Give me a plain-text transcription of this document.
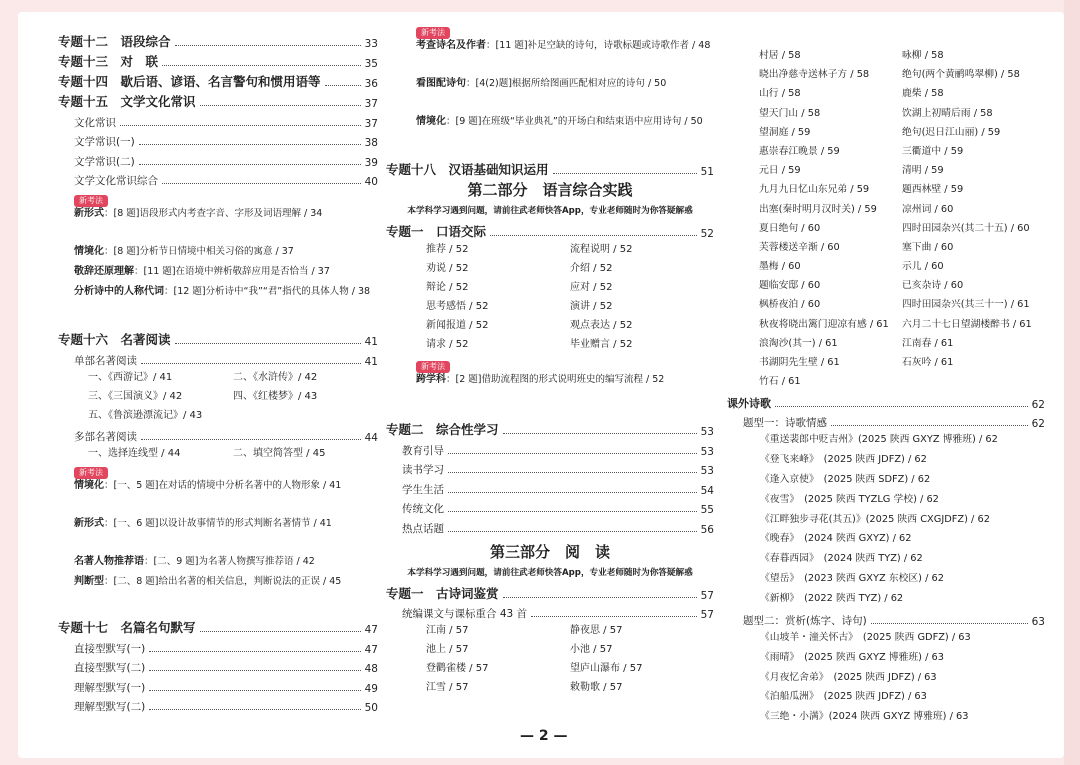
专题十二　语段综合	33
专题十三　对　联	35
专题十四　歇后语、谚语、名言警句和惯用语等	36
专题十五　文学文化常识	37
文化常识	37
文学常识(一)	38
文学常识(二)	39
文学文化常识综合	40
新考法
新形式：[8 题]语段形式内考查字音、字形及词语理解 / 34
情境化：[8 题]分析节日情境中相关习俗的寓意 / 37
敬辞还原理解：[11 题]在语境中辨析敬辞应用是否恰当 / 37
分析诗中的人称代词：[12 题]分析诗中“我”“君”指代的具体人物 / 38
专题十六　名著阅读	41
单部名著阅读	41
一、《西游记》/ 41	二、《水浒传》/ 42
三、《三国演义》/ 42	四、《红楼梦》/ 43
五、《鲁滨逊漂流记》/ 43
多部名著阅读	44
一、选择连线型 / 44	二、填空简答型 / 45
新考法
情境化：[一、5 题]在对话的情境中分析名著中的人物形象 / 41
新形式：[一、6 题]以设计故事情节的形式判断名著情节 / 41
名著人物推荐语：[二、9 题]为名著人物撰写推荐语 / 42
判断型：[二、8 题]给出名著的相关信息，判断说法的正误 / 45
专题十七　名篇名句默写	47
直接型默写(一)	47
直接型默写(二)	48
理解型默写(一)	49
理解型默写(二)	50
新考法
考查诗名及作者：[11 题]补足空缺的诗句，诗歌标题或诗歌作者 / 48
看图配诗句：[4(2)题]根据所给图画匹配相对应的诗句 / 50
情境化：[9 题]在班级“毕业典礼”的开场白和结束语中应用诗句 / 50
专题十八　汉语基础知识运用	51
第二部分　语言综合实践
本学科学习遇到问题，请前往武老师快答App，专业老师随时为你答疑解惑
专题一　口语交际	52
推荐 / 52	流程说明 / 52
劝说 / 52	介绍 / 52
辩论 / 52	应对 / 52
思考感悟 / 52	演讲 / 52
新闻报道 / 52	观点表达 / 52
请求 / 52	毕业赠言 / 52
新考法
跨学科：[2 题]借助流程图的形式说明班史的编写流程 / 52
专题二　综合性学习	53
教育引导	53
读书学习	53
学生生活	54
传统文化	55
热点话题	56
第三部分　阅　读
本学科学习遇到问题，请前往武老师快答App，专业老师随时为你答疑解惑
专题一　古诗词鉴赏	57
统编课文与课标重合 43 首	57
江南 / 57	静夜思 / 57
池上 / 57	小池 / 57
登鹳雀楼 / 57	望庐山瀑布 / 57
江雪 / 57	敕勒歌 / 57
村居 / 58	咏柳 / 58
晓出净慈寺送林子方 / 58	绝句(两个黄鹂鸣翠柳) / 58
山行 / 58	鹿柴 / 58
望天门山 / 58	饮湖上初晴后雨 / 58
望洞庭 / 59	绝句(迟日江山丽) / 59
惠崇春江晚景 / 59	三衢道中 / 59
元日 / 59	清明 / 59
九月九日忆山东兄弟 / 59	题西林壁 / 59
出塞(秦时明月汉时关) / 59	凉州词 / 60
夏日绝句 / 60	四时田园杂兴(其二十五) / 60
芙蓉楼送辛渐 / 60	塞下曲 / 60
墨梅 / 60	示儿 / 60
题临安邸 / 60	已亥杂诗 / 60
枫桥夜泊 / 60	四时田园杂兴(其三十一) / 61
秋夜将晓出篱门迎凉有感 / 61	六月二十七日望湖楼醉书 / 61
浪淘沙(其一) / 61	江南春 / 61
书湖阴先生壁 / 61	石灰吟 / 61
竹石 / 61
课外诗歌	62
题型一：诗歌情感	62
《重送裴郎中贬吉州》(2025 陕西 GXYZ 博雅班) / 62
《登飞来峰》　(2025 陕西 JDFZ) / 62
《逢入京使》　(2025 陕西 SDFZ) / 62
《夜雪》　(2025 陕西 TYZLG 学校) / 62
《江畔独步寻花(其五)》(2025 陕西 CXGJDFZ) / 62
《晚春》　(2024 陕西 GXYZ) / 62
《春暮西园》　(2024 陕西 TYZ) / 62
《望岳》　(2023 陕西 GXYZ 东校区) / 62
《新柳》　(2022 陕西 TYZ) / 62
题型二：赏析(炼字、诗句)	63
《山坡羊・潼关怀古》　(2025 陕西 GDFZ) / 63
《雨晴》　(2025 陕西 GXYZ 博雅班) / 63
《月夜忆舍弟》　(2025 陕西 JDFZ) / 63
《泊船瓜洲》　(2025 陕西 JDFZ) / 63
《三绝・小满》(2024 陕西 GXYZ 博雅班) / 63
— 2 —
